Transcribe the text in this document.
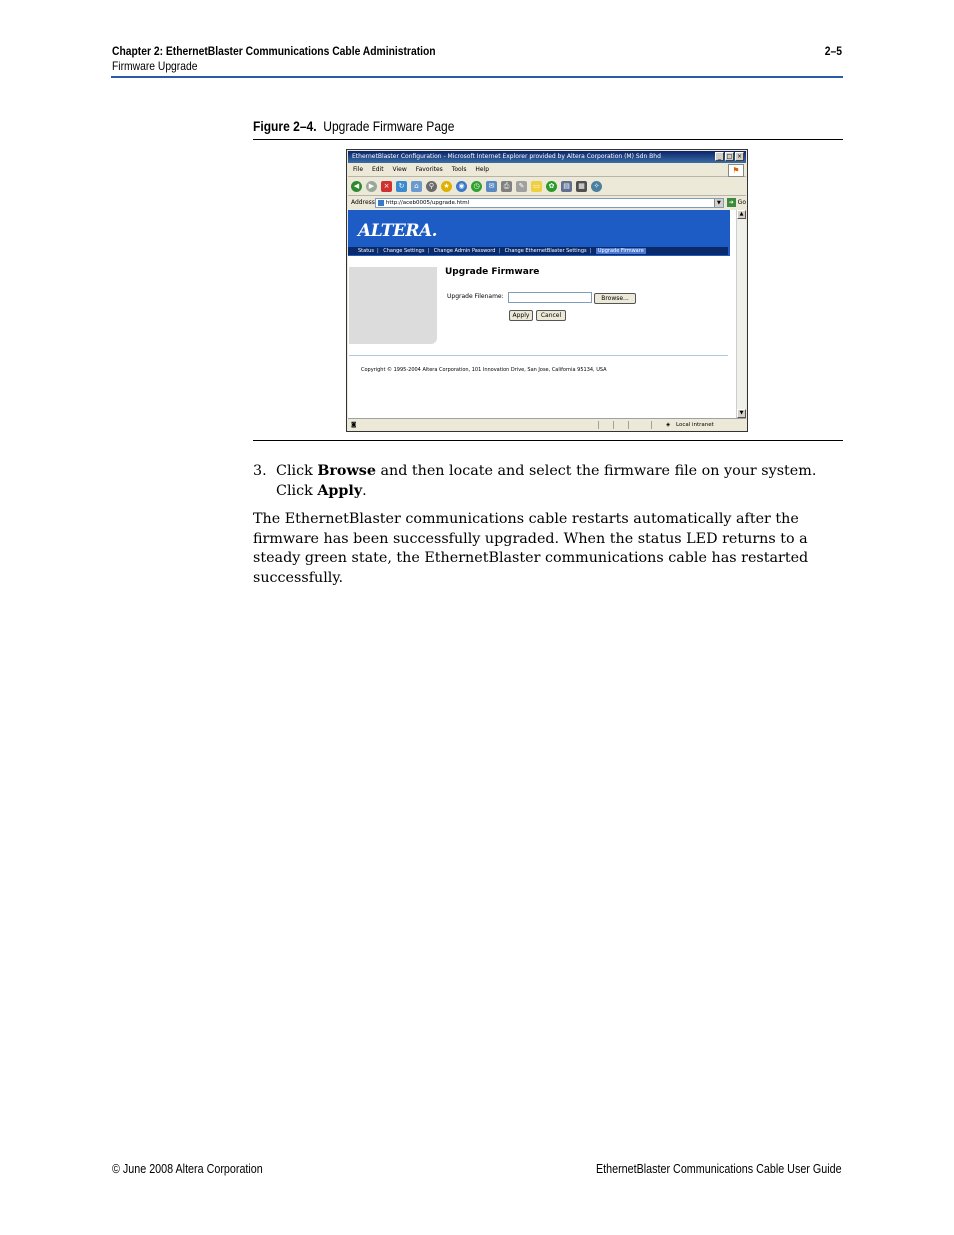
Chapter 2: EthernetBlaster Communications Cable Administration	2–5
Firmware Upgrade
Figure 2–4. Upgrade Firmware Page
EthernetBlaster Configuration - Microsoft Internet Explorer provided by Altera Corporation (M) Sdn Bhd	_ □ ×
File Edit View Favorites Tools Help	⚑
◀	▶	×	↻	⌂	⚲	★	◉	◷	✉	⎙	✎	▭	✿	▤	▦	✧
Address	http://aceb0005/upgrade.html	▼	➜ Go
ALTERA.
Status | Change Settings | Change Admin Password | Change EthernetBlaster Settings | Upgrade Firmware
Upgrade Firmware
Upgrade Filename:	Browse...
Apply	Cancel
Copyright © 1995-2004 Altera Corporation, 101 Innovation Drive, San Jose, California 95134, USA
▲
▼
◙	◈ Local intranet
3. Click Browse and then locate and select the firmware file on your system. Click Apply.
The EthernetBlaster communications cable restarts automatically after the firmware has been successfully upgraded. When the status LED returns to a steady green state, the EthernetBlaster communications cable has restarted successfully.
© June 2008 Altera Corporation	EthernetBlaster Communications Cable User Guide
